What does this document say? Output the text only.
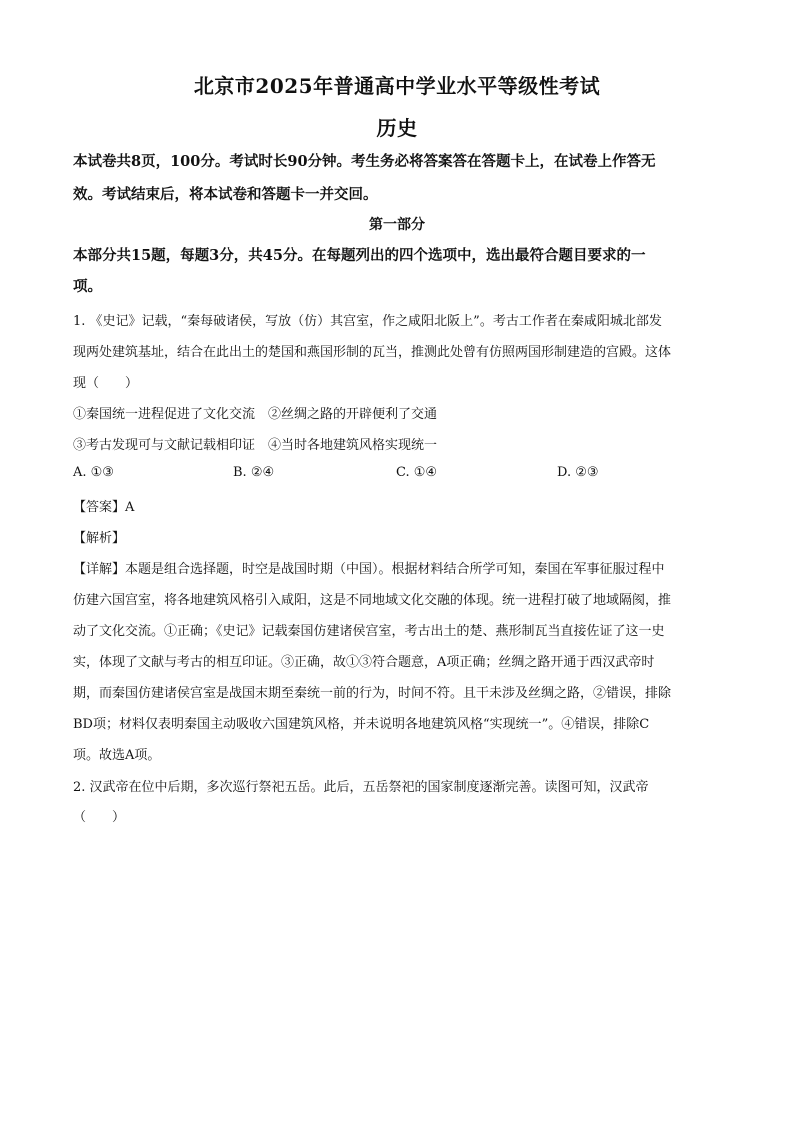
北京市2025年普通高中学业水平等级性考试
历史
本试卷共8页，100分。考试时长90分钟。考生务必将答案答在答题卡上，在试卷上作答无
效。考试结束后，将本试卷和答题卡一并交回。
第一部分
本部分共15题，每题3分，共45分。在每题列出的四个选项中，选出最符合题目要求的一
项。
1. 《史记》记载，“秦每破诸侯，写放（仿）其宫室，作之咸阳北阪上”。考古工作者在秦咸阳城北部发
现两处建筑基址，结合在此出土的楚国和燕国形制的瓦当，推测此处曾有仿照两国形制建造的宫殿。这体
现（　　）
①秦国统一进程促进了文化交流　②丝绸之路的开辟便利了交通
③考古发现可与文献记载相印证　④当时各地建筑风格实现统一
A. ①③	B. ②④	C. ①④	D. ②③
【答案】A
【解析】
【详解】本题是组合选择题，时空是战国时期（中国）。根据材料结合所学可知，秦国在军事征服过程中
仿建六国宫室，将各地建筑风格引入咸阳，这是不同地域文化交融的体现。统一进程打破了地域隔阂，推
动了文化交流。①正确；《史记》记载秦国仿建诸侯宫室，考古出土的楚、燕形制瓦当直接佐证了这一史
实，体现了文献与考古的相互印证。③正确，故①③符合题意，A项正确；丝绸之路开通于西汉武帝时
期，而秦国仿建诸侯宫室是战国末期至秦统一前的行为，时间不符。且干未涉及丝绸之路，②错误，排除
BD项；材料仅表明秦国主动吸收六国建筑风格，并未说明各地建筑风格“实现统一”。④错误，排除C
项。故选A项。
2. 汉武帝在位中后期，多次巡行祭祀五岳。此后，五岳祭祀的国家制度逐渐完善。读图可知，汉武帝
（　　）
